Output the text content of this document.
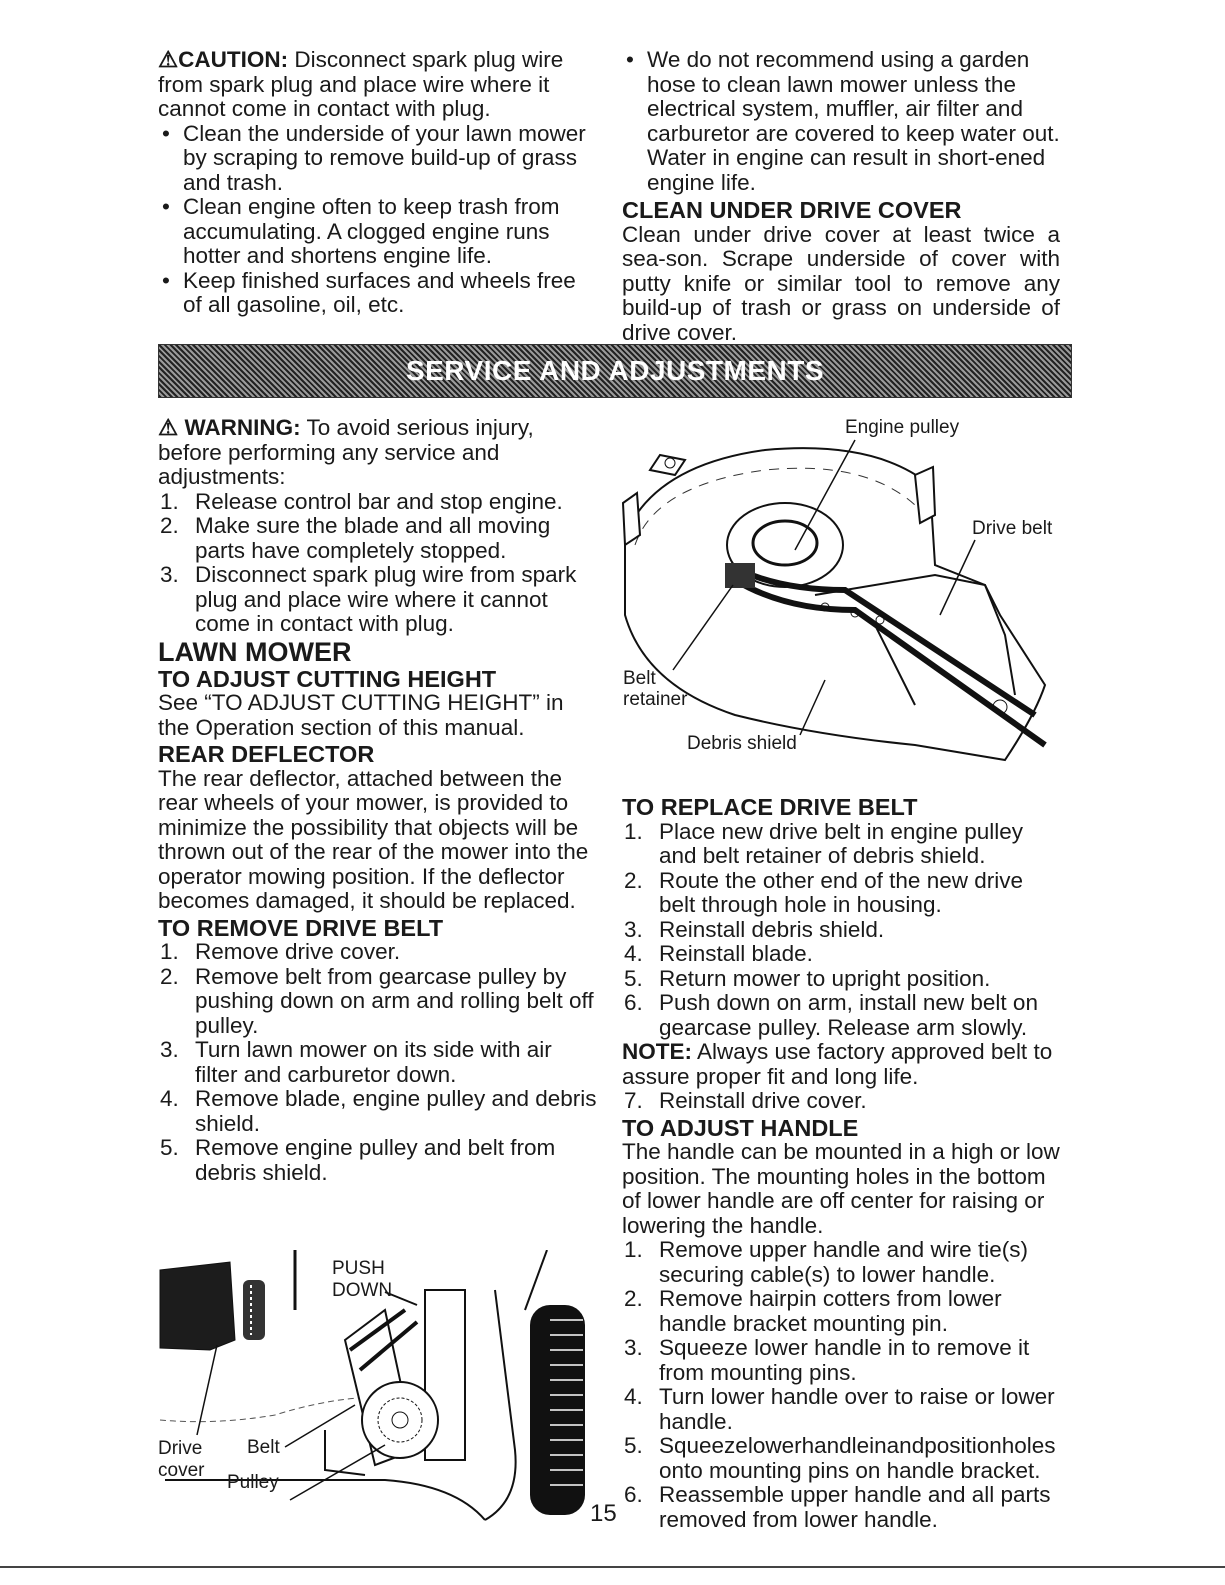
⚠CAUTION: Disconnect spark plug wire from spark plug and place wire where it cannot come in contact with plug.

• Clean the underside of your lawn mower by scraping to remove build-up of grass and trash.

• Clean engine often to keep trash from accumulating. A clogged engine runs hotter and shortens engine life.

• Keep finished surfaces and wheels free of all gasoline, oil, etc.

• We do not recommend using a garden hose to clean lawn mower unless the electrical system, muffler, air filter and carburetor are covered to keep water out. Water in engine can result in short-ened engine life.

CLEAN UNDER DRIVE COVER

Clean under drive cover at least twice a sea-son. Scrape underside of cover with putty knife or similar tool to remove any build-up of trash or grass on underside of drive cover.

SERVICE AND ADJUSTMENTS

⚠ WARNING: To avoid serious injury, before performing any service and adjustments:

1. Release control bar and stop engine.

2. Make sure the blade and all moving parts have completely stopped.

3. Disconnect spark plug wire from spark plug and place wire where it cannot come in contact with plug.

LAWN MOWER

TO ADJUST CUTTING HEIGHT

See “TO ADJUST CUTTING HEIGHT” in the Operation section of this manual.

REAR DEFLECTOR

The rear deflector, attached between the rear wheels of your mower, is provided to minimize the possibility that objects will be thrown out of the rear of the mower into the operator mowing position. If the deflector becomes damaged, it should be replaced.

TO REMOVE DRIVE BELT

1. Remove drive cover.

2. Remove belt from gearcase pulley by pushing down on arm and rolling belt off pulley.

3. Turn lawn mower on its side with air filter and carburetor down.

4. Remove blade, engine pulley and debris shield.

5. Remove engine pulley and belt from debris shield.

PUSH
DOWN
Belt
Drive
cover
Pulley
Engine pulley
Drive belt
Belt
retainer
Debris shield

TO REPLACE DRIVE BELT

1. Place new drive belt in engine pulley and belt retainer of debris shield.

2. Route the other end of the new drive belt through hole in housing.

3. Reinstall debris shield.

4. Reinstall blade.

5. Return mower to upright position.

6. Push down on arm, install new belt on gearcase pulley. Release arm slowly.

NOTE: Always use factory approved belt to assure proper fit and long life.

7. Reinstall drive cover.

TO ADJUST HANDLE

The handle can be mounted in a high or low position. The mounting holes in the bottom of lower handle are off center for raising or lowering the handle.

1. Remove upper handle and wire tie(s) securing cable(s) to lower handle.

2. Remove hairpin cotters from lower handle bracket mounting pin.

3. Squeeze lower handle in to remove it from mounting pins.

4. Turn lower handle over to raise or lower handle.

5. Squeezelowerhandleinandpositionholes onto mounting pins on handle bracket.

6. Reassemble upper handle and all parts removed from lower handle.

15
